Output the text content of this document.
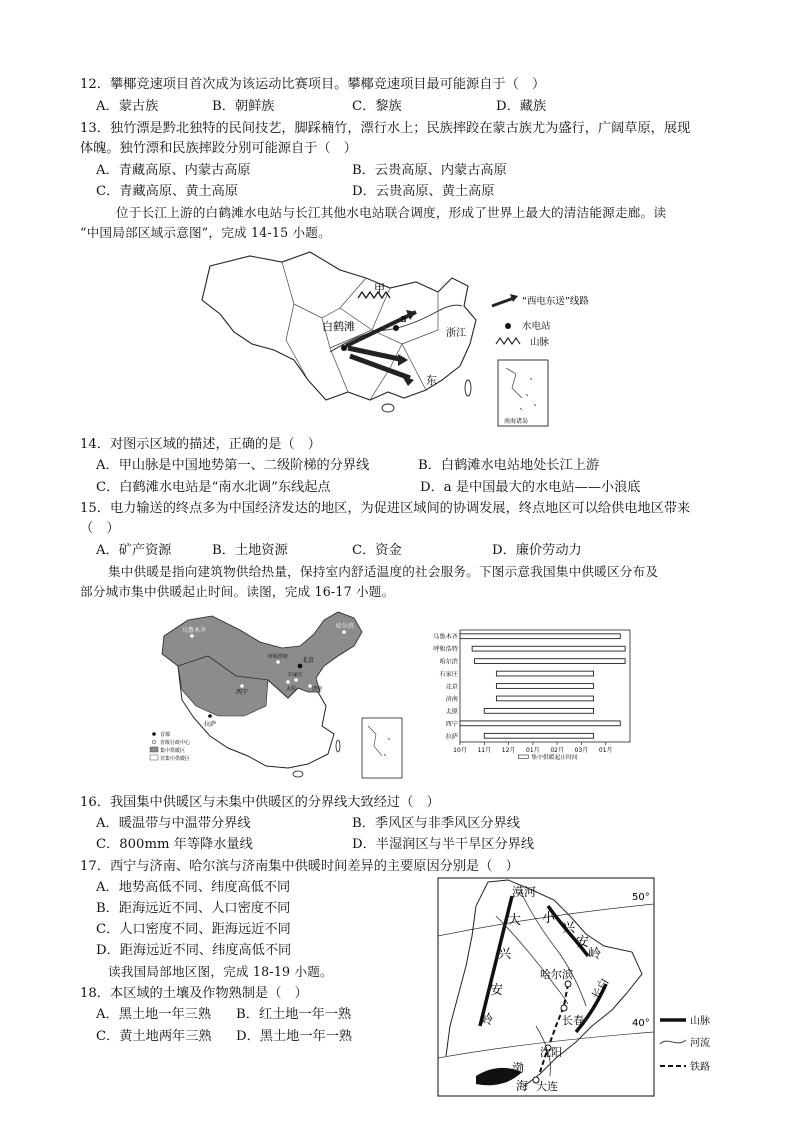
12．攀椰竞速项目首次成为该运动比赛项目。攀椰竞速项目最可能源自于（　）
A．蒙古族	B．朝鲜族	C．黎族	D．藏族
13．独竹漂是黔北独特的民间技艺，脚踩楠竹，漂行水上；民族摔跤在蒙古族尤为盛行，广阔草原，展现
体魄。独竹漂和民族摔跤分别可能源自于（　）
A．青藏高原、内蒙古高原	B．云贵高原、内蒙古高原
C．青藏高原、黄土高原	D．云贵高原、黄土高原
位于长江上游的白鹤滩水电站与长江其他水电站联合调度，形成了世界上最大的清洁能源走廊。读
“中国局部区域示意图”，完成 14-15 小题。
甲
白鹤滩
a
浙江
东
“西电东送”线路
水电站
山脉
南海诸岛
14．对图示区域的描述，正确的是（　）
A．甲山脉是中国地势第一、二级阶梯的分界线	B．白鹤滩水电站地处长江上游
C．白鹤滩水电站是“南水北调”东线起点	D．a 是中国最大的水电站——小浪底
15．电力输送的终点多为中国经济发达的地区，为促进区域间的协调发展，终点地区可以给供电地区带来
（　）
A．矿产资源	B．土地资源	C．资金	D．廉价劳动力
集中供暖是指向建筑物供给热量，保持室内舒适温度的社会服务。下图示意我国集中供暖区分布及
部分城市集中供暖起止时间。读图，完成 16-17 小题。
乌鲁木齐
哈尔滨
北京
石家庄
太原	济南
西宁
拉萨
呼和浩特
首都
省级行政中心
集中供暖区
非集中供暖区
乌鲁木齐
呼和浩特
哈尔滨
石家庄
北京
济南
太原
西宁
拉萨
10月 11月 12月 01月 02月 03月 01月
集中供暖起止时间
16．我国集中供暖区与未集中供暖区的分界线大致经过（　）
A．暖温带与中温带分界线	B．季风区与非季风区分界线
C．800mm 年等降水量线	D．半湿润区与半干旱区分界线
17．西宁与济南、哈尔滨与济南集中供暖时间差异的主要原因分别是（　）
A．地势高低不同、纬度高低不同
B．距海远近不同、人口密度不同
C．人口密度不同、距海远近不同
D．距海远近不同、纬度高低不同
读我国局部地区图，完成 18-19 小题。
18．本区域的土壤及作物熟制是（　）
A．黑土地一年三熟 B．红土地一年一熟
C．黄土地两年三熟 D．黑土地一年一熟
50°
40°
漠河
大
兴
安
岭
小
兴
安
岭
哈尔滨
长春
长白
沈阳
渤
海 大连
山脉
河流
铁路
